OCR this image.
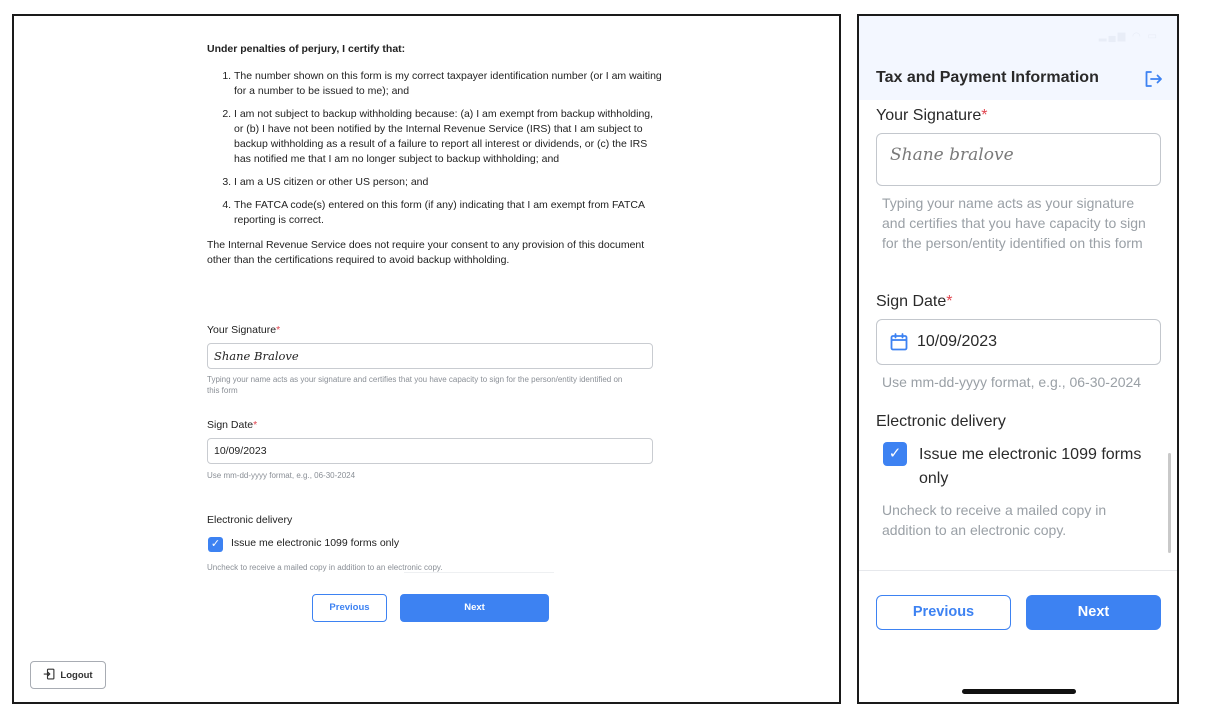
Under penalties of perjury, I certify that:

1. The number shown on this form is my correct taxpayer identification number (or I am waiting for a number to be issued to me); and
2. I am not subject to backup withholding because: (a) I am exempt from backup withholding, or (b) I have not been notified by the Internal Revenue Service (IRS) that I am subject to backup withholding as a result of a failure to report all interest or dividends, or (c) the IRS has notified me that I am no longer subject to backup withholding; and
3. I am a US citizen or other US person; and
4. The FATCA code(s) entered on this form (if any) indicating that I am exempt from FATCA reporting is correct.

The Internal Revenue Service does not require your consent to any provision of this document other than the certifications required to avoid backup withholding.

Your Signature*
Shane Bralove
Typing your name acts as your signature and certifies that you have capacity to sign for the person/entity identified on this form
Sign Date*
10/09/2023
Use mm-dd-yyyy format, e.g., 06-30-2024
Electronic delivery
✓ Issue me electronic 1099 forms only
Uncheck to receive a mailed copy in addition to an electronic copy.
Previous	Next
Logout
▂▄▆ ◠ ▭
Tax and Payment Information
Your Signature*
Shane bralove
Typing your name acts as your signature and certifies that you have capacity to sign for the person/entity identified on this form
Sign Date*
10/09/2023
Use mm-dd-yyyy format, e.g., 06-30-2024
Electronic delivery
✓	Issue me electronic 1099 forms only
Uncheck to receive a mailed copy in addition to an electronic copy.
Previous	Next
